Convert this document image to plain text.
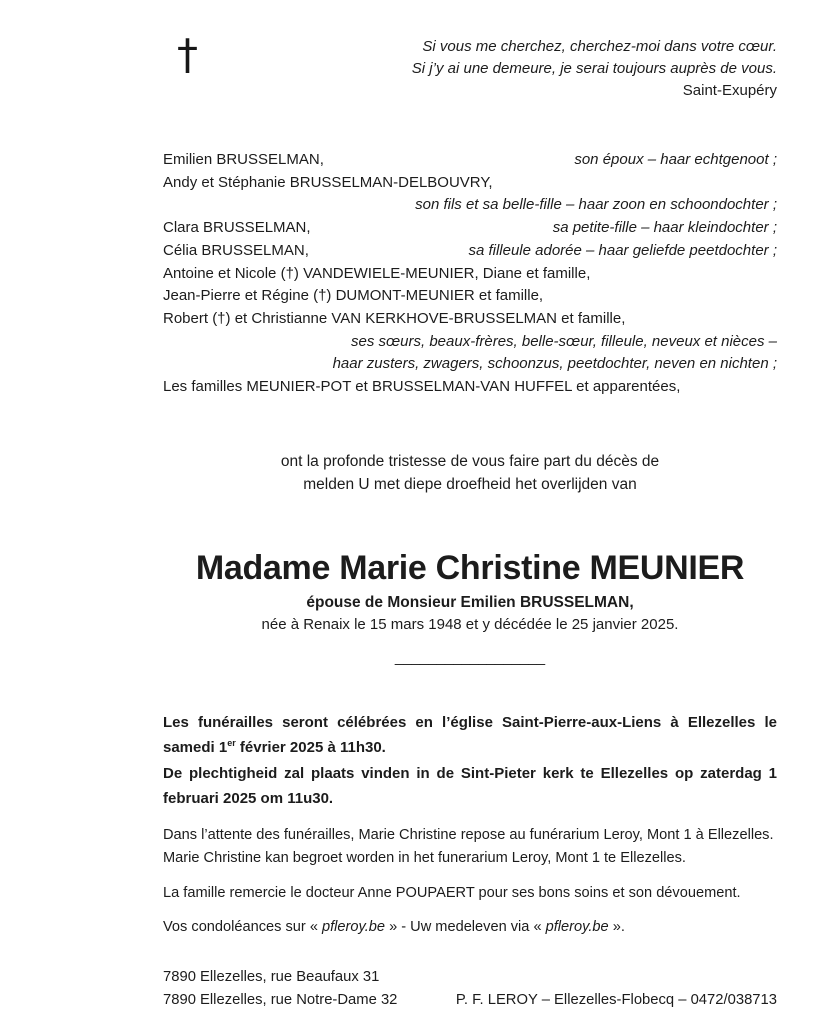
†	Si vous me cherchez, cherchez-moi dans votre cœur.
Si j’y ai une demeure, je serai toujours auprès de vous.
Saint-Exupéry
Emilien BRUSSELMAN,	son époux – haar echtgenoot ;
Andy et Stéphanie BRUSSELMAN-DELBOUVRY,
son fils et sa belle-fille – haar zoon en schoondochter ;
Clara BRUSSELMAN,	sa petite-fille – haar kleindochter ;
Célia BRUSSELMAN,	sa filleule adorée – haar geliefde peetdochter ;
Antoine et Nicole (†) VANDEWIELE-MEUNIER, Diane et famille,
Jean-Pierre et Régine (†) DUMONT-MEUNIER et famille,
Robert (†) et Christianne VAN KERKHOVE-BRUSSELMAN et famille,
ses sœurs, beaux-frères, belle-sœur, filleule, neveux et nièces –
haar zusters, zwagers, schoonzus, peetdochter, neven en nichten ;
Les familles MEUNIER-POT et BRUSSELMAN-VAN HUFFEL et apparentées,
ont la profonde tristesse de vous faire part du décès de
melden U met diepe droefheid het overlijden van
Madame Marie Christine MEUNIER
épouse de Monsieur Emilien BRUSSELMAN,
née à Renaix le 15 mars 1948 et y décédée le 25 janvier 2025.
__________________

Les funérailles seront célébrées en l’église Saint-Pierre-aux-Liens à Ellezelles le samedi 1er février 2025 à 11h30.

De plechtigheid zal plaats vinden in de Sint-Pieter kerk te Ellezelles op zaterdag 1 februari 2025 om 11u30.

Dans l’attente des funérailles, Marie Christine repose au funérarium Leroy, Mont 1 à Ellezelles.
Marie Christine kan begroet worden in het funerarium Leroy, Mont 1 te Ellezelles.
La famille remercie le docteur Anne POUPAERT pour ses bons soins et son dévouement.
Vos condoléances sur « pfleroy.be » - Uw medeleven via « pfleroy.be ».
7890 Ellezelles, rue Beaufaux 31
7890 Ellezelles, rue Notre-Dame 32	P. F. LEROY – Ellezelles-Flobecq – 0472/038713
